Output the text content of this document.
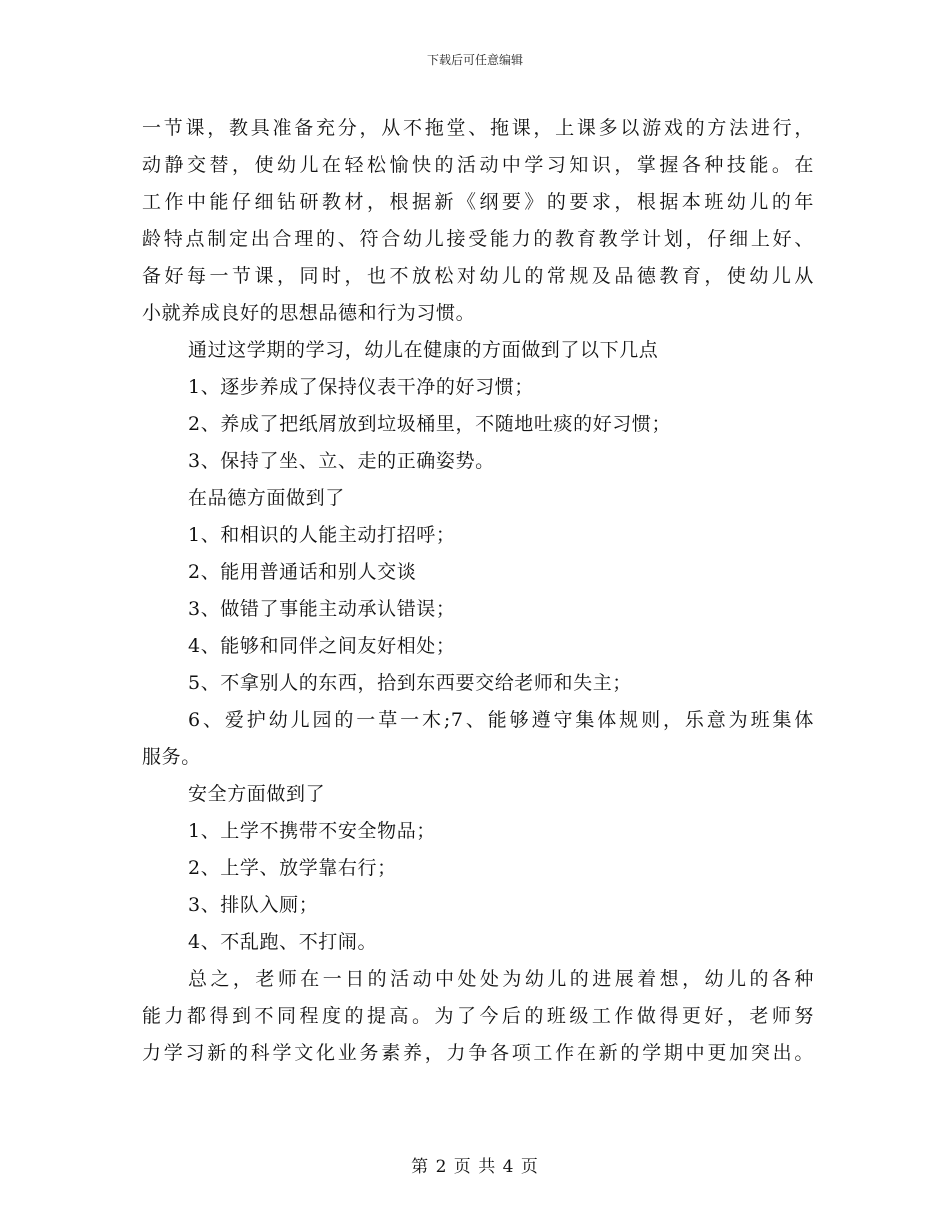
下载后可任意编辑
一节课，教具准备充分，从不拖堂、拖课，上课多以游戏的方法进行，
动静交替，使幼儿在轻松愉快的活动中学习知识，掌握各种技能。在
工作中能仔细钻研教材，根据新《纲要》的要求，根据本班幼儿的年
龄特点制定出合理的、符合幼儿接受能力的教育教学计划，仔细上好、
备好每一节课，同时，也不放松对幼儿的常规及品德教育，使幼儿从
小就养成良好的思想品德和行为习惯。
通过这学期的学习，幼儿在健康的方面做到了以下几点
1、逐步养成了保持仪表干净的好习惯；
2、养成了把纸屑放到垃圾桶里，不随地吐痰的好习惯；
3、保持了坐、立、走的正确姿势。
在品德方面做到了
1、和相识的人能主动打招呼；
2、能用普通话和别人交谈
3、做错了事能主动承认错误；
4、能够和同伴之间友好相处；
5、不拿别人的东西，拾到东西要交给老师和失主；
6、爱护幼儿园的一草一木;7、能够遵守集体规则，乐意为班集体
服务。
安全方面做到了
1、上学不携带不安全物品；
2、上学、放学靠右行；
3、排队入厕；
4、不乱跑、不打闹。
总之，老师在一日的活动中处处为幼儿的进展着想，幼儿的各种
能力都得到不同程度的提高。为了今后的班级工作做得更好，老师努
力学习新的科学文化业务素养，力争各项工作在新的学期中更加突出。
第 2 页 共 4 页
